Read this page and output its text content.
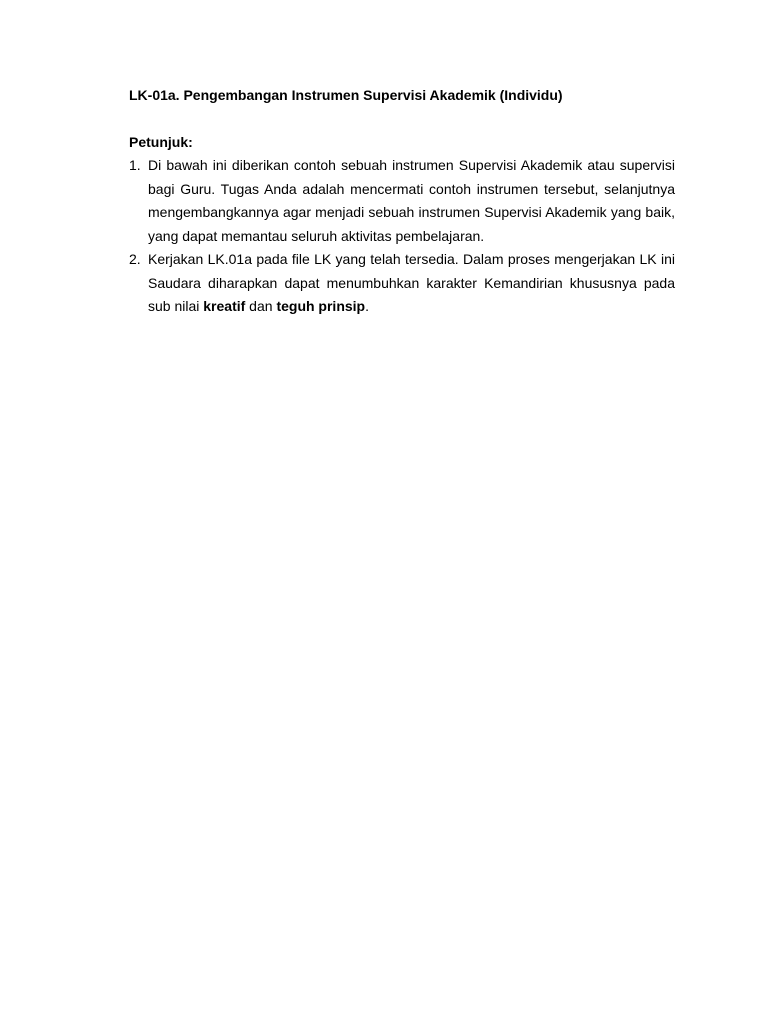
LK-01a. Pengembangan Instrumen Supervisi Akademik (Individu)

Petunjuk:

1. Di bawah ini diberikan contoh sebuah instrumen Supervisi Akademik atau supervisi bagi Guru. Tugas Anda adalah mencermati contoh instrumen tersebut, selanjutnya mengembangkannya agar menjadi sebuah instrumen Supervisi Akademik yang baik, yang dapat memantau seluruh aktivitas pembelajaran.
2. Kerjakan LK.01a pada file LK yang telah tersedia. Dalam proses mengerjakan LK ini Saudara diharapkan dapat menumbuhkan karakter Kemandirian khususnya pada sub nilai kreatif dan teguh prinsip.
